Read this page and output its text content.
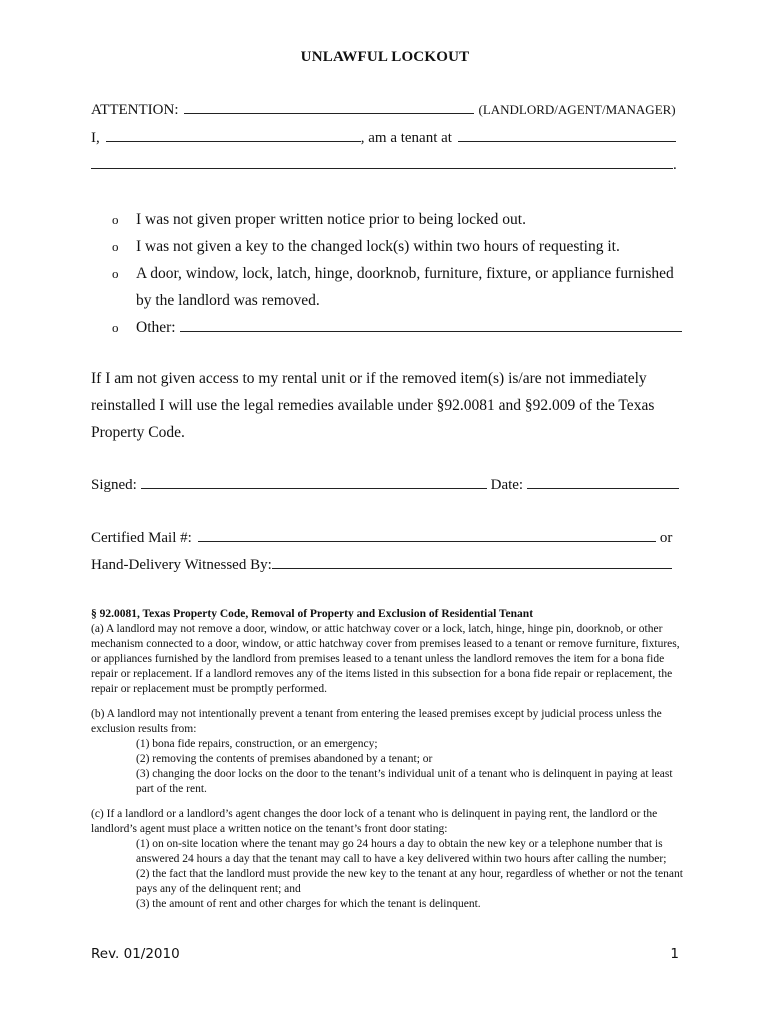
UNLAWFUL LOCKOUT
ATTENTION:	(LANDLORD/AGENT/MANAGER)
I,	, am a tenant at
.
o I was not given proper written notice prior to being locked out.
o I was not given a key to the changed lock(s) within two hours of requesting it.
o A door, window, lock, latch, hinge, doorknob, furniture, fixture, or appliance furnished
by the landlord was removed.
o Other:
If I am not given access to my rental unit or if the removed item(s) is/are not immediately reinstalled I will use the legal remedies available under §92.0081 and §92.009 of the Texas Property Code.
Signed:	Date:
Certified Mail #:	or
Hand-Delivery Witnessed By:

§ 92.0081, Texas Property Code, Removal of Property and Exclusion of Residential Tenant

(a) A landlord may not remove a door, window, or attic hatchway cover or a lock, latch, hinge, hinge pin, doorknob, or other mechanism connected to a door, window, or attic hatchway cover from premises leased to a tenant or remove furniture, fixtures, or appliances furnished by the landlord from premises leased to a tenant unless the landlord removes the item for a bona fide repair or replacement. If a landlord removes any of the items listed in this subsection for a bona fide repair or replacement, the repair or replacement must be promptly performed.

(b) A landlord may not intentionally prevent a tenant from entering the leased premises except by judicial process unless the exclusion results from:

(1) bona fide repairs, construction, or an emergency;

(2) removing the contents of premises abandoned by a tenant; or

(3) changing the door locks on the door to the tenant’s individual unit of a tenant who is delinquent in paying at least part of the rent.

(c) If a landlord or a landlord’s agent changes the door lock of a tenant who is delinquent in paying rent, the landlord or the landlord’s agent must place a written notice on the tenant’s front door stating:

(1) on on-site location where the tenant may go 24 hours a day to obtain the new key or a telephone number that is answered 24 hours a day that the tenant may call to have a key delivered within two hours after calling the number;

(2) the fact that the landlord must provide the new key to the tenant at any hour, regardless of whether or not the tenant pays any of the delinquent rent; and

(3) the amount of rent and other charges for which the tenant is delinquent.

Rev. 01/2010	1
